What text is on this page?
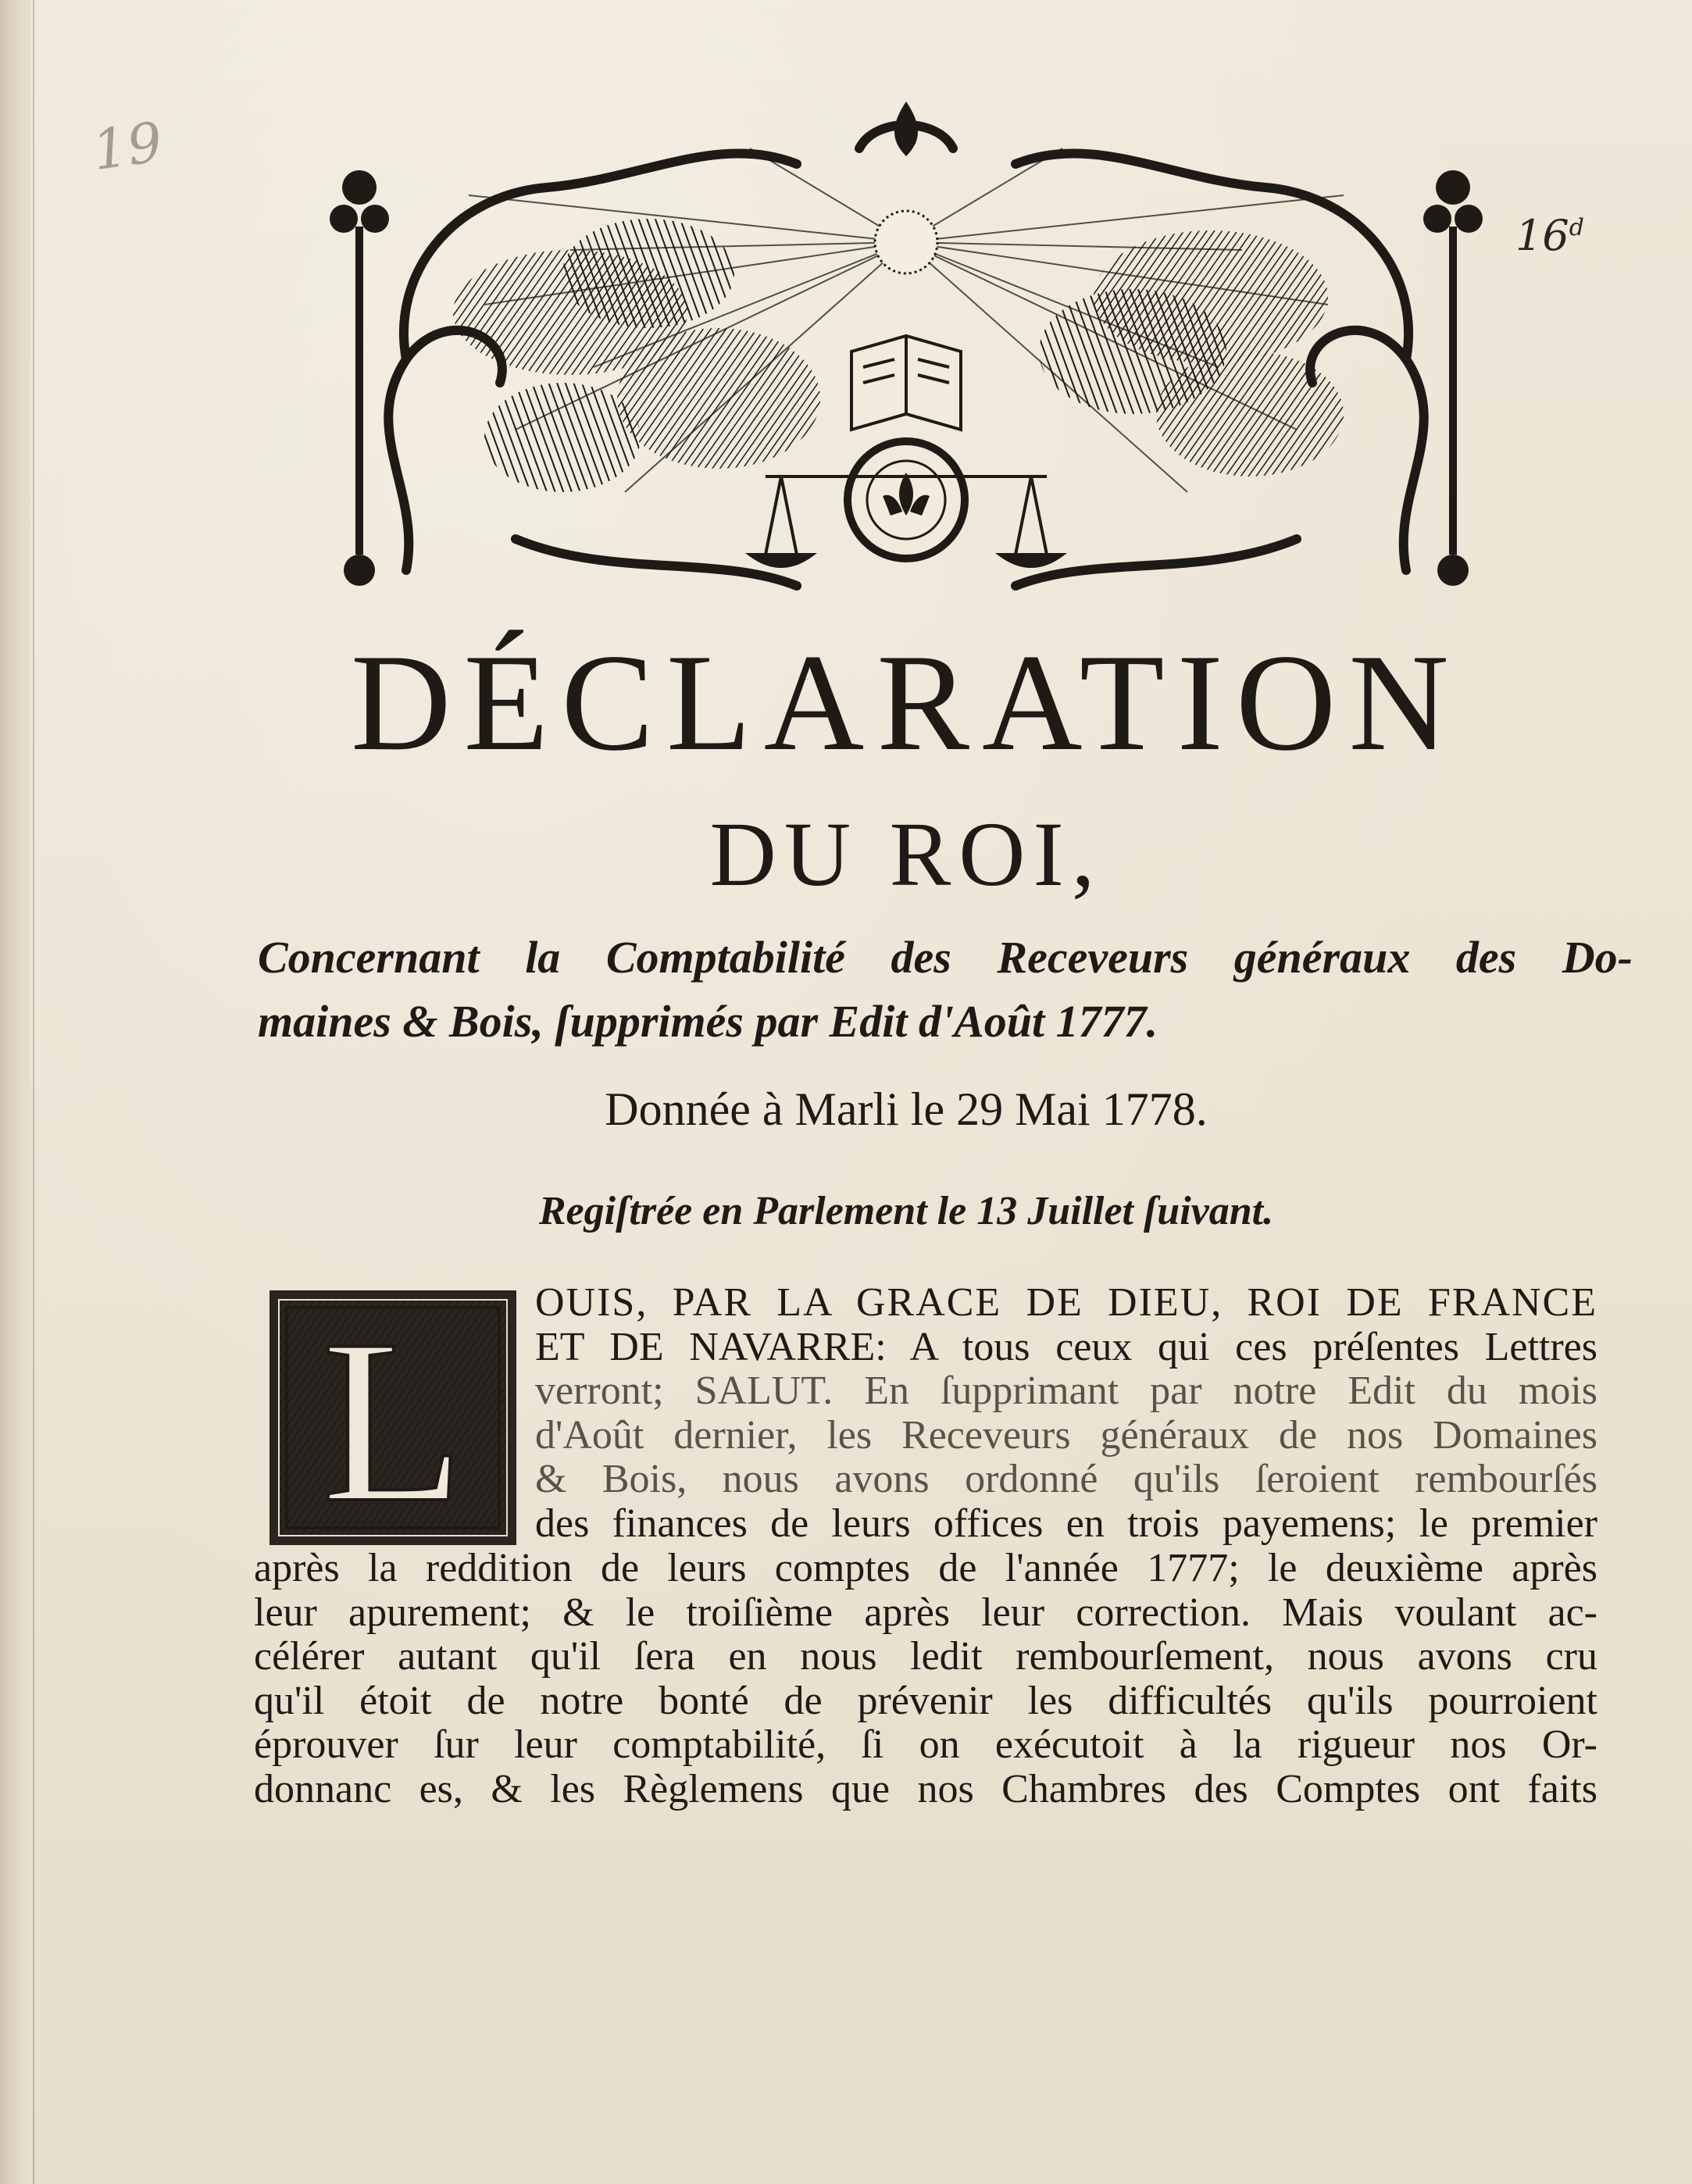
19
16$^d$
DÉCLARATION
DU ROI,
Concernant la Comptabilité des Receveurs généraux des Do-
maines & Bois, ſupprimés par Edit d'Août 1777.
Donnée à Marli le 29 Mai 1778.
Regiſtrée en Parlement le 13 Juillet ſuivant.
L	OUIS, PAR LA GRACE DE DIEU, ROI DE FRANCE
ET DE NAVARRE: A tous ceux qui ces préſentes Lettres
verront; SALUT. En ſupprimant par notre Edit du mois
d'Août dernier, les Receveurs généraux de nos Domaines
& Bois, nous avons ordonné qu'ils ſeroient rembourſés
des finances de leurs offices en trois payemens; le premier
après la reddition de leurs comptes de l'année 1777; le deuxième après
leur apurement; & le troiſième après leur correction. Mais voulant ac-
célérer autant qu'il ſera en nous ledit rembourſement, nous avons cru
qu'il étoit de notre bonté de prévenir les difficultés qu'ils pourroient
éprouver ſur leur comptabilité, ſi on exécutoit à la rigueur nos Or-
donnanc es, & les Règlemens que nos Chambres des Comptes ont faits
